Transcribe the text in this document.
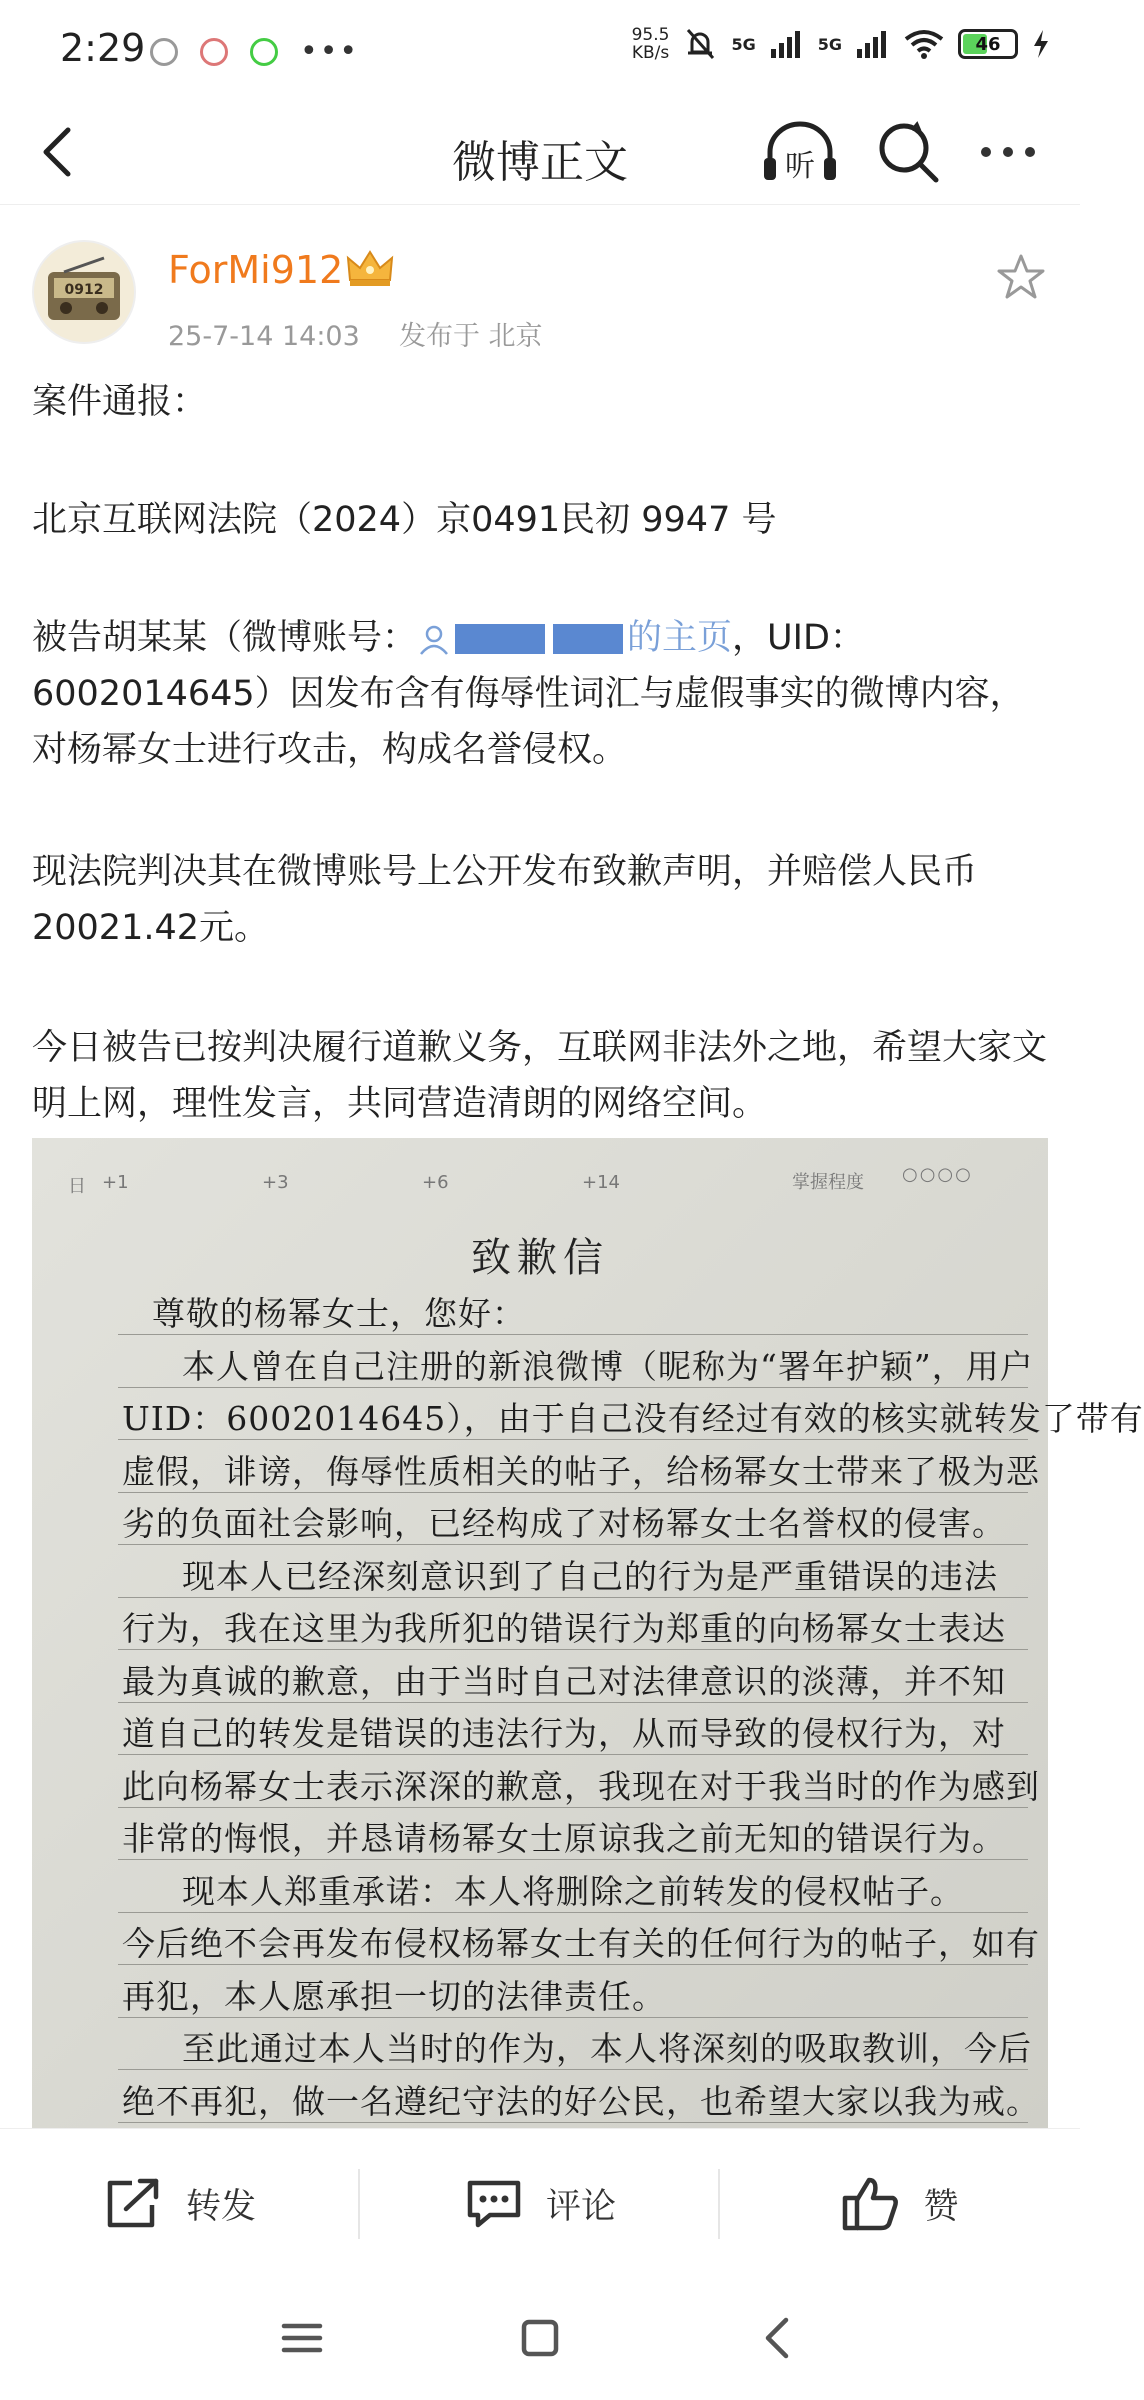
2:29	•••	95.5
KB/s	5G	5G	46
微博正文	听
0912 ForMi912
25-7-14 14:03 发布于 北京
案件通报：
北京互联网法院（2024）京0491民初 9947 号
被告胡某某（微博账号：	的主页，UID：6002014645）因发布含有侮辱性词汇与虚假事实的微博内容，对杨幂女士进行攻击，构成名誉侵权。
现法院判决其在微博账号上公开发布致歉声明，并赔偿人民币20021.42元。
今日被告已按判决履行道歉义务，互联网非法外之地，希望大家文明上网，理性发言，共同营造清朗的网络空间。
日 +1	+3	+6	+14	掌握程度 ○○○○
致歉信
尊敬的杨幂女士，您好：
本人曾在自己注册的新浪微博（昵称为“署年护颖”，用户
UID：6002014645），由于自己没有经过有效的核实就转发了带有
虚假，诽谤，侮辱性质相关的帖子，给杨幂女士带来了极为恶
劣的负面社会影响，已经构成了对杨幂女士名誉权的侵害。
现本人已经深刻意识到了自己的行为是严重错误的违法
行为，我在这里为我所犯的错误行为郑重的向杨幂女士表达
最为真诚的歉意，由于当时自己对法律意识的淡薄，并不知
道自己的转发是错误的违法行为，从而导致的侵权行为，对
此向杨幂女士表示深深的歉意，我现在对于我当时的作为感到
非常的悔恨，并恳请杨幂女士原谅我之前无知的错误行为。
现本人郑重承诺：本人将删除之前转发的侵权帖子。
今后绝不会再发布侵权杨幂女士有关的任何行为的帖子，如有
再犯，本人愿承担一切的法律责任。
至此通过本人当时的作为，本人将深刻的吸取教训，今后
绝不再犯，做一名遵纪守法的好公民，也希望大家以我为戒。
转发	评论	赞
